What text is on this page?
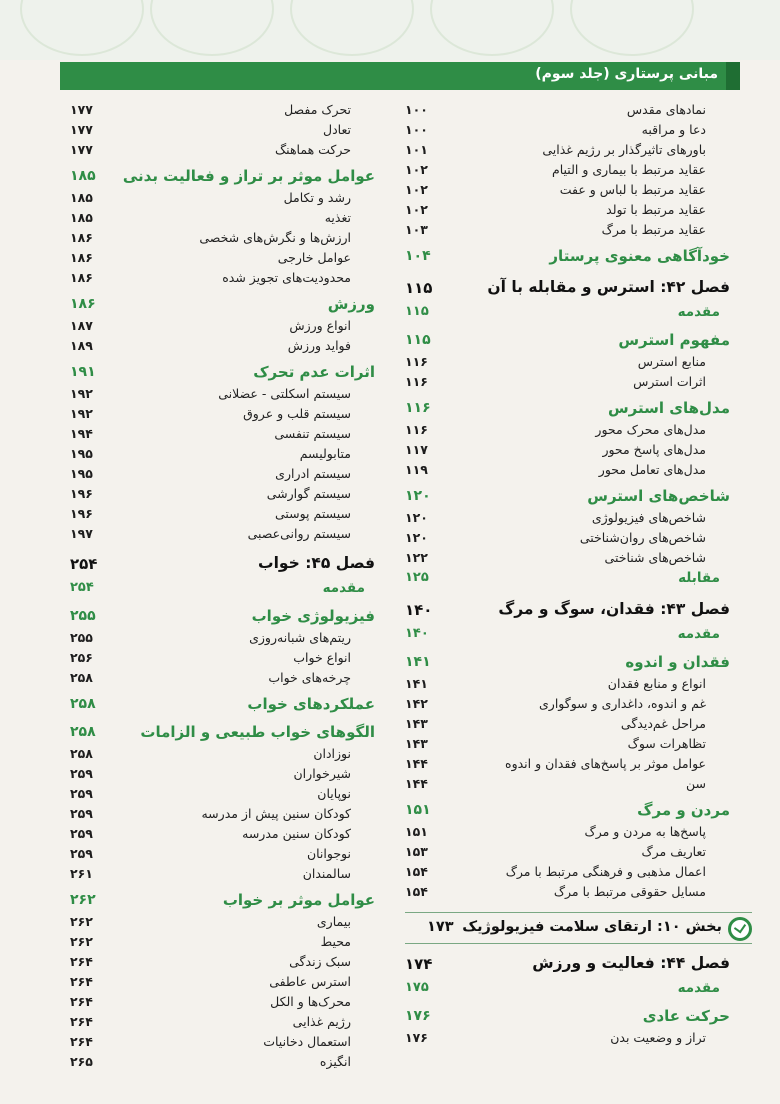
مبانی پرستاری (جلد سوم)
نمادهای مقدس
۱۰۰
دعا و مراقبه
۱۰۰
باورهای تاثیرگذار بر رژیم غذایی
۱۰۱
عقاید مرتبط با بیماری و التیام
۱۰۲
عقاید مرتبط با لباس و عفت
۱۰۲
عقاید مرتبط با تولد
۱۰۲
عقاید مرتبط با مرگ
۱۰۳
خودآگاهی معنوی پرستار
۱۰۴
فصل ۴۲: استرس و مقابله با آن
۱۱۵
مقدمه
۱۱۵
مفهوم استرس
۱۱۵
منابع استرس
۱۱۶
اثرات استرس
۱۱۶
مدل‌های استرس
۱۱۶
مدل‌های محرک محور
۱۱۶
مدل‌های پاسخ محور
۱۱۷
مدل‌های تعامل محور
۱۱۹
شاخص‌های استرس
۱۲۰
شاخص‌های فیزیولوژی
۱۲۰
شاخص‌های روان‌شناختی
۱۲۰
شاخص‌های شناختی
۱۲۲
مقابله
۱۲۵
فصل ۴۳: فقدان، سوگ و مرگ
۱۴۰
مقدمه
۱۴۰
فقدان و اندوه
۱۴۱
انواع و منابع فقدان
۱۴۱
غم و اندوه، داغداری و سوگواری
۱۴۲
مراحل غم‌دیدگی
۱۴۳
تظاهرات سوگ
۱۴۳
عوامل موثر بر پاسخ‌های فقدان و اندوه
۱۴۴
سن
۱۴۴
مردن و مرگ
۱۵۱
پاسخ‌ها به مردن و مرگ
۱۵۱
تعاریف مرگ
۱۵۳
اعمال مذهبی و فرهنگی مرتبط با مرگ
۱۵۴
مسایل حقوقی مرتبط با مرگ
۱۵۴
بخش ۱۰: ارتقای سلامت فیزیولوژیک
۱۷۳
فصل ۴۴: فعالیت و ورزش
۱۷۴
مقدمه
۱۷۵
حرکت عادی
۱۷۶
تراز و وضعیت بدن
۱۷۶
تحرک مفصل
۱۷۷
تعادل
۱۷۷
حرکت هماهنگ
۱۷۷
عوامل موثر بر تراز و فعالیت بدنی
۱۸۵
رشد و تکامل
۱۸۵
تغذیه
۱۸۵
ارزش‌ها و نگرش‌های شخصی
۱۸۶
عوامل خارجی
۱۸۶
محدودیت‌های تجویز شده
۱۸۶
ورزش
۱۸۶
انواع ورزش
۱۸۷
فواید ورزش
۱۸۹
اثرات عدم تحرک
۱۹۱
سیستم اسکلتی - عضلانی
۱۹۲
سیستم قلب و عروق
۱۹۲
سیستم تنفسی
۱۹۴
متابولیسم
۱۹۵
سیستم ادراری
۱۹۵
سیستم گوارشی
۱۹۶
سیستم پوستی
۱۹۶
سیستم روانی‌عصبی
۱۹۷
فصل ۴۵: خواب
۲۵۴
مقدمه
۲۵۴
فیزیولوژی خواب
۲۵۵
ریتم‌های شبانه‌روزی
۲۵۵
انواع خواب
۲۵۶
چرخه‌های خواب
۲۵۸
عملکردهای خواب
۲۵۸
الگوهای خواب طبیعی و الزامات
۲۵۸
نوزادان
۲۵۸
شیرخواران
۲۵۹
نوپایان
۲۵۹
کودکان سنین پیش از مدرسه
۲۵۹
کودکان سنین مدرسه
۲۵۹
نوجوانان
۲۵۹
سالمندان
۲۶۱
عوامل موثر بر خواب
۲۶۲
بیماری
۲۶۲
محیط
۲۶۲
سبک زندگی
۲۶۴
استرس عاطفی
۲۶۴
محرک‌ها و الکل
۲۶۴
رژیم غذایی
۲۶۴
استعمال دخانیات
۲۶۴
انگیزه
۲۶۵
